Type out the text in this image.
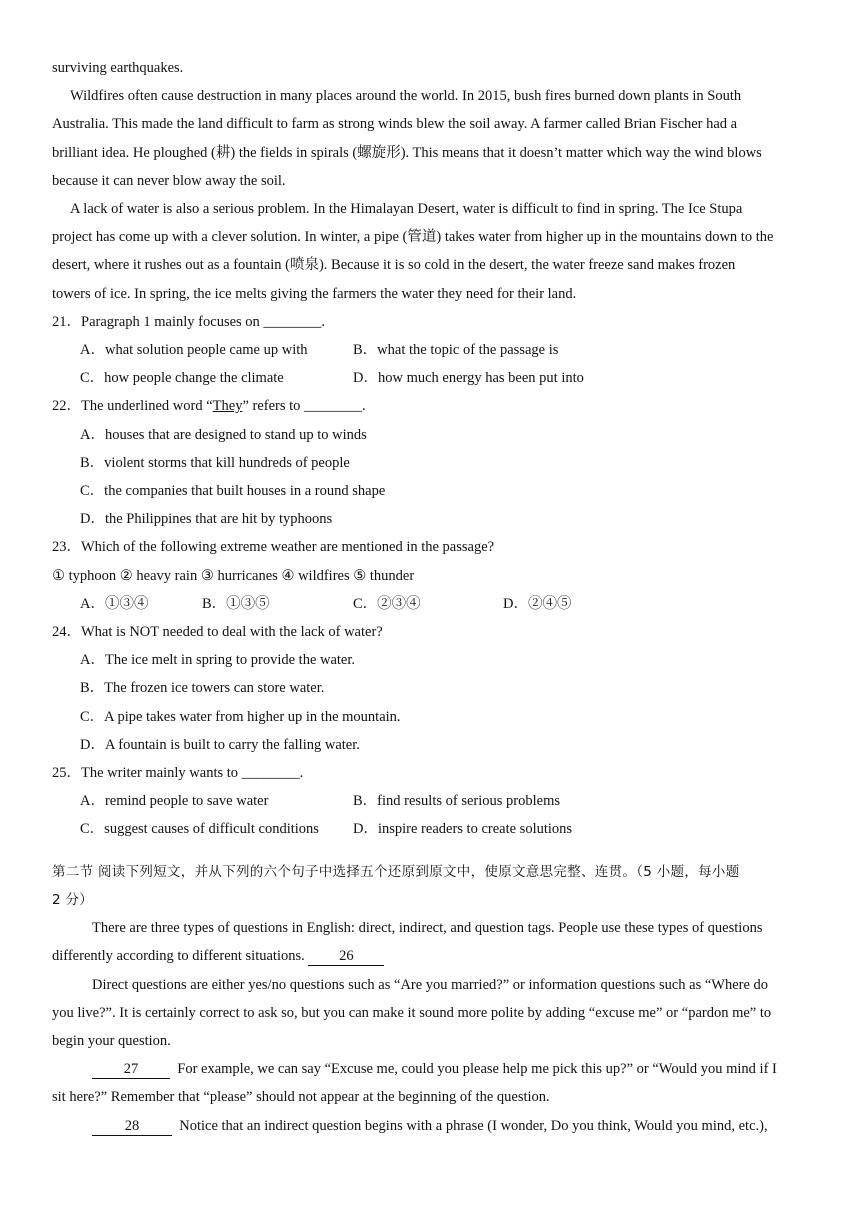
surviving earthquakes.
Wildfires often cause destruction in many places around the world. In 2015, bush fires burned down plants in South
Australia. This made the land difficult to farm as strong winds blew the soil away. A farmer called Brian Fischer had a
brilliant idea. He ploughed (耕) the fields in spirals (螺旋形). This means that it doesn’t matter which way the wind blows
because it can never blow away the soil.
A lack of water is also a serious problem. In the Himalayan Desert, water is difficult to find in spring. The Ice Stupa
project has come up with a clever solution. In winter, a pipe (管道) takes water from higher up in the mountains down to the
desert, where it rushes out as a fountain (喷泉). Because it is so cold in the desert, the water freeze sand makes frozen
towers of ice. In spring, the ice melts giving the farmers the water they need for their land.
21．Paragraph 1 mainly focuses on ________.
A．what solution people came up with	B．what the topic of the passage is
C．how people change the climate	D．how much energy has been put into
22．The underlined word “They” refers to ________.
A．houses that are designed to stand up to winds
B．violent storms that kill hundreds of people
C．the companies that built houses in a round shape
D．the Philippines that are hit by typhoons
23．Which of the following extreme weather are mentioned in the passage?
① typhoon ② heavy rain ③ hurricanes ④ wildfires ⑤ thunder
A．①③④	B．①③⑤	C．②③④	D．②④⑤
24．What is NOT needed to deal with the lack of water?
A．The ice melt in spring to provide the water.
B．The frozen ice towers can store water.
C．A pipe takes water from higher up in the mountain.
D．A fountain is built to carry the falling water.
25．The writer mainly wants to ________.
A．remind people to save water	B．find results of serious problems
C．suggest causes of difficult conditions	D．inspire readers to create solutions
第二节 阅读下列短文，并从下列的六个句子中选择五个还原到原文中，使原文意思完整、连贯。（5 小题，每小题
2 分）
There are three types of questions in English: direct, indirect, and question tags. People use these types of questions
differently according to different situations. 26
Direct questions are either yes/no questions such as “Are you married?” or information questions such as “Where do
you live?”. It is certainly correct to ask so, but you can make it sound more polite by adding “excuse me” or “pardon me” to
begin your question.
27	For example, we can say “Excuse me, could you please help me pick this up?” or “Would you mind if I
sit here?” Remember that “please” should not appear at the beginning of the question.
28	Notice that an indirect question begins with a phrase (I wonder, Do you think, Would you mind, etc.),
